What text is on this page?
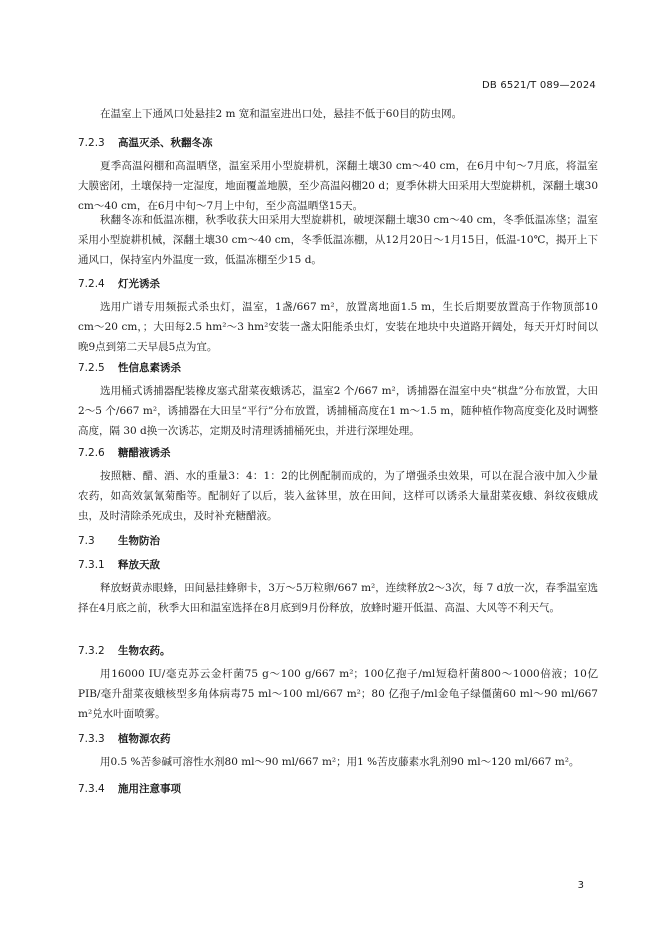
DB 6521/T 089—2024

在温室上下通风口处悬挂2 m 宽和温室进出口处，悬挂不低于60目的防虫网。

7.2.3 高温灭杀、秋翻冬冻

夏季高温闷棚和高温晒垡，温室采用小型旋耕机，深翻土壤30 cm～40 cm，在6月中旬～7月底，将温室大膜密闭，土壤保持一定湿度，地面覆盖地膜，至少高温闷棚20 d；夏季休耕大田采用大型旋耕机，深翻土壤30 cm～40 cm，在6月中旬～7月上中旬，至少高温晒垡15天。

秋翻冬冻和低温冻棚，秋季收获大田采用大型旋耕机，破埂深翻土壤30 cm～40 cm，冬季低温冻垡；温室采用小型旋耕机械，深翻土壤30 cm～40 cm，冬季低温冻棚，从12月20日～1月15日，低温-10℃，揭开上下通风口，保持室内外温度一致，低温冻棚至少15 d。

7.2.4 灯光诱杀

选用广谱专用频振式杀虫灯，温室，1盏/667 m²，放置离地面1.5 m，生长后期要放置高于作物顶部10 cm～20 cm，；大田每2.5 hm²～3 hm²安装一盏太阳能杀虫灯，安装在地块中央道路开阔处，每天开灯时间以晚9点到第二天早晨5点为宜。

7.2.5 性信息素诱杀

选用桶式诱捕器配装橡皮塞式甜菜夜蛾诱芯，温室2 个/667 m²，诱捕器在温室中央“棋盘”分布放置，大田2～5 个/667 m²，诱捕器在大田呈“平行”分布放置，诱捕桶高度在1 m～1.5 m，随种植作物高度变化及时调整高度，隔 30 d换一次诱芯，定期及时清理诱捕桶死虫，并进行深埋处理。

7.2.6 糖醋液诱杀

按照糖、醋、酒、水的重量3：4：1：2的比例配制而成的，为了增强杀虫效果，可以在混合液中加入少量农药，如高效氯氰菊酯等。配制好了以后，装入盆钵里，放在田间，这样可以诱杀大量甜菜夜蛾、斜纹夜蛾成虫，及时清除杀死成虫，及时补充糖醋液。

7.3 生物防治
7.3.1 释放天敌

释放蚜黄赤眼蜂，田间悬挂蜂卵卡，3万～5万粒卵/667 m²，连续释放2～3次，每 7 d放一次，春季温室选择在4月底之前，秋季大田和温室选择在8月底到9月份释放，放蜂时避开低温、高温、大风等不利天气。

7.3.2 生物农药。

用16000 IU/毫克苏云金杆菌75 g～100 g/667 m²；100亿孢子/ml短稳杆菌800～1000倍液；10亿PIB/毫升甜菜夜蛾核型多角体病毒75 ml～100 ml/667 m²；80 亿孢子/ml金龟子绿僵菌60 ml～90 ml/667 m²兑水叶面喷雾。

7.3.3 植物源农药

用0.5 %苦参碱可溶性水剂80 ml～90 ml/667 m²；用1 %苦皮藤素水乳剂90 ml～120 ml/667 m²。

7.3.4 施用注意事项
3
